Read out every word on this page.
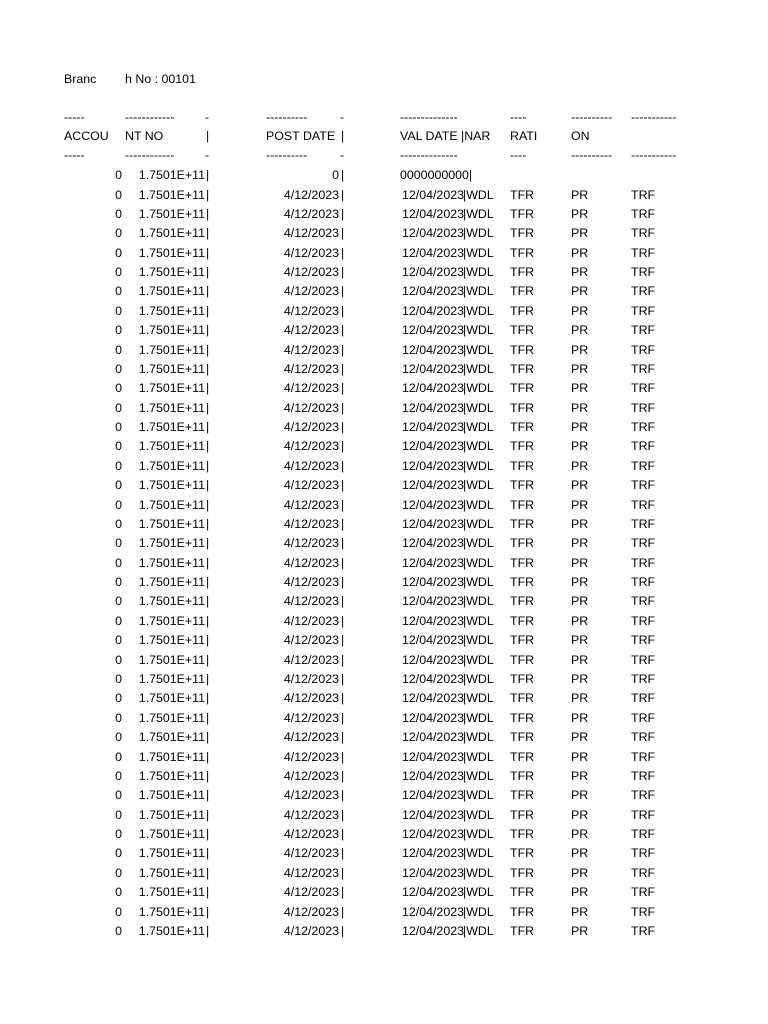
Branc h No : 00101
-----	------------ -	----------	-	--------------	----	---------- -----------
ACCOU NT NO	|	POST DATE |	VAL DATE |NAR RATI	ON
-----	------------ -	----------	-	--------------	----	---------- -----------
0	1.7501E+11 |	0 |	0000000000|
0	1.7501E+11 |	4/12/2023 |	12/04/2023 |WDL	TFR	PR	TRF
0	1.7501E+11 |	4/12/2023 |	12/04/2023 |WDL	TFR	PR	TRF
0	1.7501E+11 |	4/12/2023 |	12/04/2023 |WDL	TFR	PR	TRF
0	1.7501E+11 |	4/12/2023 |	12/04/2023 |WDL	TFR	PR	TRF
0	1.7501E+11 |	4/12/2023 |	12/04/2023 |WDL	TFR	PR	TRF
0	1.7501E+11 |	4/12/2023 |	12/04/2023 |WDL	TFR	PR	TRF
0	1.7501E+11 |	4/12/2023 |	12/04/2023 |WDL	TFR	PR	TRF
0	1.7501E+11 |	4/12/2023 |	12/04/2023 |WDL	TFR	PR	TRF
0	1.7501E+11 |	4/12/2023 |	12/04/2023 |WDL	TFR	PR	TRF
0	1.7501E+11 |	4/12/2023 |	12/04/2023 |WDL	TFR	PR	TRF
0	1.7501E+11 |	4/12/2023 |	12/04/2023 |WDL	TFR	PR	TRF
0	1.7501E+11 |	4/12/2023 |	12/04/2023 |WDL	TFR	PR	TRF
0	1.7501E+11 |	4/12/2023 |	12/04/2023 |WDL	TFR	PR	TRF
0	1.7501E+11 |	4/12/2023 |	12/04/2023 |WDL	TFR	PR	TRF
0	1.7501E+11 |	4/12/2023 |	12/04/2023 |WDL	TFR	PR	TRF
0	1.7501E+11 |	4/12/2023 |	12/04/2023 |WDL	TFR	PR	TRF
0	1.7501E+11 |	4/12/2023 |	12/04/2023 |WDL	TFR	PR	TRF
0	1.7501E+11 |	4/12/2023 |	12/04/2023 |WDL	TFR	PR	TRF
0	1.7501E+11 |	4/12/2023 |	12/04/2023 |WDL	TFR	PR	TRF
0	1.7501E+11 |	4/12/2023 |	12/04/2023 |WDL	TFR	PR	TRF
0	1.7501E+11 |	4/12/2023 |	12/04/2023 |WDL	TFR	PR	TRF
0	1.7501E+11 |	4/12/2023 |	12/04/2023 |WDL	TFR	PR	TRF
0	1.7501E+11 |	4/12/2023 |	12/04/2023 |WDL	TFR	PR	TRF
0	1.7501E+11 |	4/12/2023 |	12/04/2023 |WDL	TFR	PR	TRF
0	1.7501E+11 |	4/12/2023 |	12/04/2023 |WDL	TFR	PR	TRF
0	1.7501E+11 |	4/12/2023 |	12/04/2023 |WDL	TFR	PR	TRF
0	1.7501E+11 |	4/12/2023 |	12/04/2023 |WDL	TFR	PR	TRF
0	1.7501E+11 |	4/12/2023 |	12/04/2023 |WDL	TFR	PR	TRF
0	1.7501E+11 |	4/12/2023 |	12/04/2023 |WDL	TFR	PR	TRF
0	1.7501E+11 |	4/12/2023 |	12/04/2023 |WDL	TFR	PR	TRF
0	1.7501E+11 |	4/12/2023 |	12/04/2023 |WDL	TFR	PR	TRF
0	1.7501E+11 |	4/12/2023 |	12/04/2023 |WDL	TFR	PR	TRF
0	1.7501E+11 |	4/12/2023 |	12/04/2023 |WDL	TFR	PR	TRF
0	1.7501E+11 |	4/12/2023 |	12/04/2023 |WDL	TFR	PR	TRF
0	1.7501E+11 |	4/12/2023 |	12/04/2023 |WDL	TFR	PR	TRF
0	1.7501E+11 |	4/12/2023 |	12/04/2023 |WDL	TFR	PR	TRF
0	1.7501E+11 |	4/12/2023 |	12/04/2023 |WDL	TFR	PR	TRF
0	1.7501E+11 |	4/12/2023 |	12/04/2023 |WDL	TFR	PR	TRF
0	1.7501E+11 |	4/12/2023 |	12/04/2023 |WDL	TFR	PR	TRF
